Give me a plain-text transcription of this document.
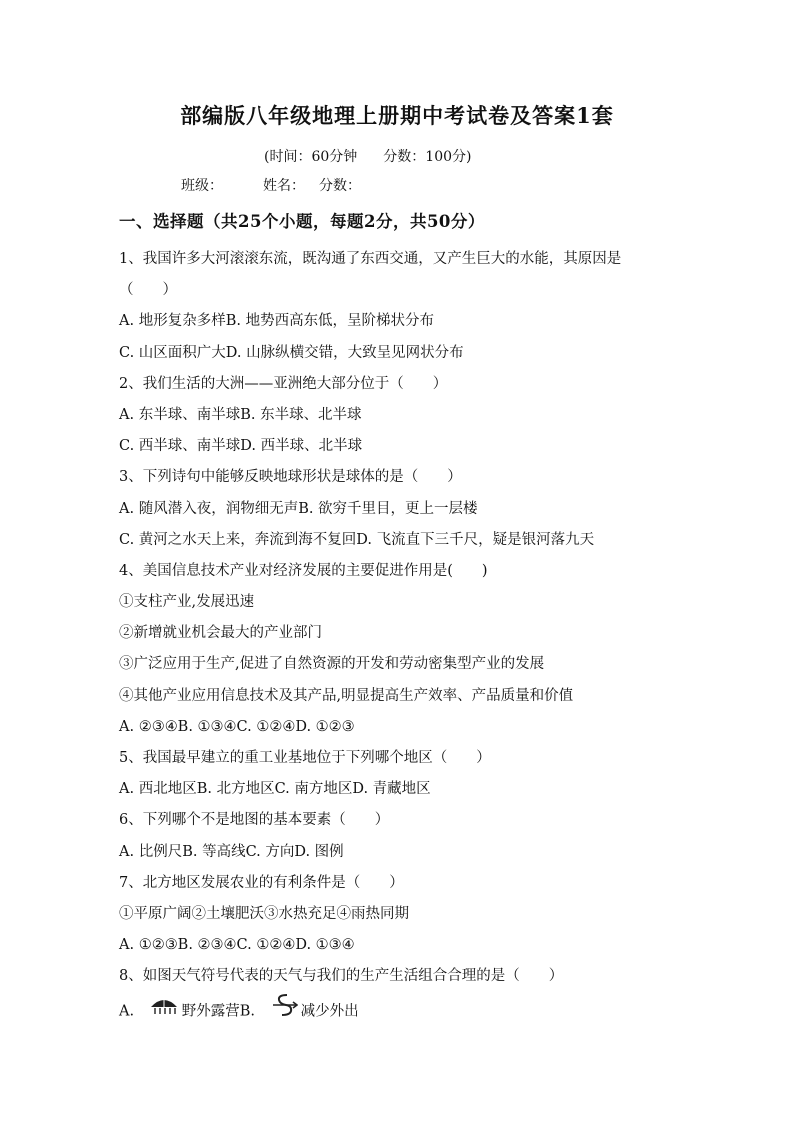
部编版八年级地理上册期中考试卷及答案1套
(时间：60分钟 分数：100分)
班级：	姓名： 分数：
一、选择题（共25个小题，每题2分，共50分）
1、我国许多大河滚滚东流，既沟通了东西交通，又产生巨大的水能，其原因是
（　　）
A. 地形复杂多样B. 地势西高东低，呈阶梯状分布
C. 山区面积广大D. 山脉纵横交错，大致呈见网状分布
2、我们生活的大洲——亚洲绝大部分位于（　　）
A. 东半球、南半球B. 东半球、北半球
C. 西半球、南半球D. 西半球、北半球
3、下列诗句中能够反映地球形状是球体的是（　　）
A. 随风潜入夜，润物细无声B. 欲穷千里目，更上一层楼
C. 黄河之水天上来，奔流到海不复回D. 飞流直下三千尺，疑是银河落九天
4、美国信息技术产业对经济发展的主要促进作用是(　　)
①支柱产业,发展迅速
②新增就业机会最大的产业部门
③广泛应用于生产,促进了自然资源的开发和劳动密集型产业的发展
④其他产业应用信息技术及其产品,明显提高生产效率、产品质量和价值
A. ②③④B. ①③④C. ①②④D. ①②③
5、我国最早建立的重工业基地位于下列哪个地区（　　）
A. 西北地区B. 北方地区C. 南方地区D. 青藏地区
6、下列哪个不是地图的基本要素（　　）
A. 比例尺B. 等高线C. 方向D. 图例
7、北方地区发展农业的有利条件是（　　）
①平原广阔②土壤肥沃③水热充足④雨热同期
A. ①②③B. ②③④C. ①②④D. ①③④
8、如图天气符号代表的天气与我们的生产生活组合合理的是（　　）
A.	野外露营B.	减少外出
